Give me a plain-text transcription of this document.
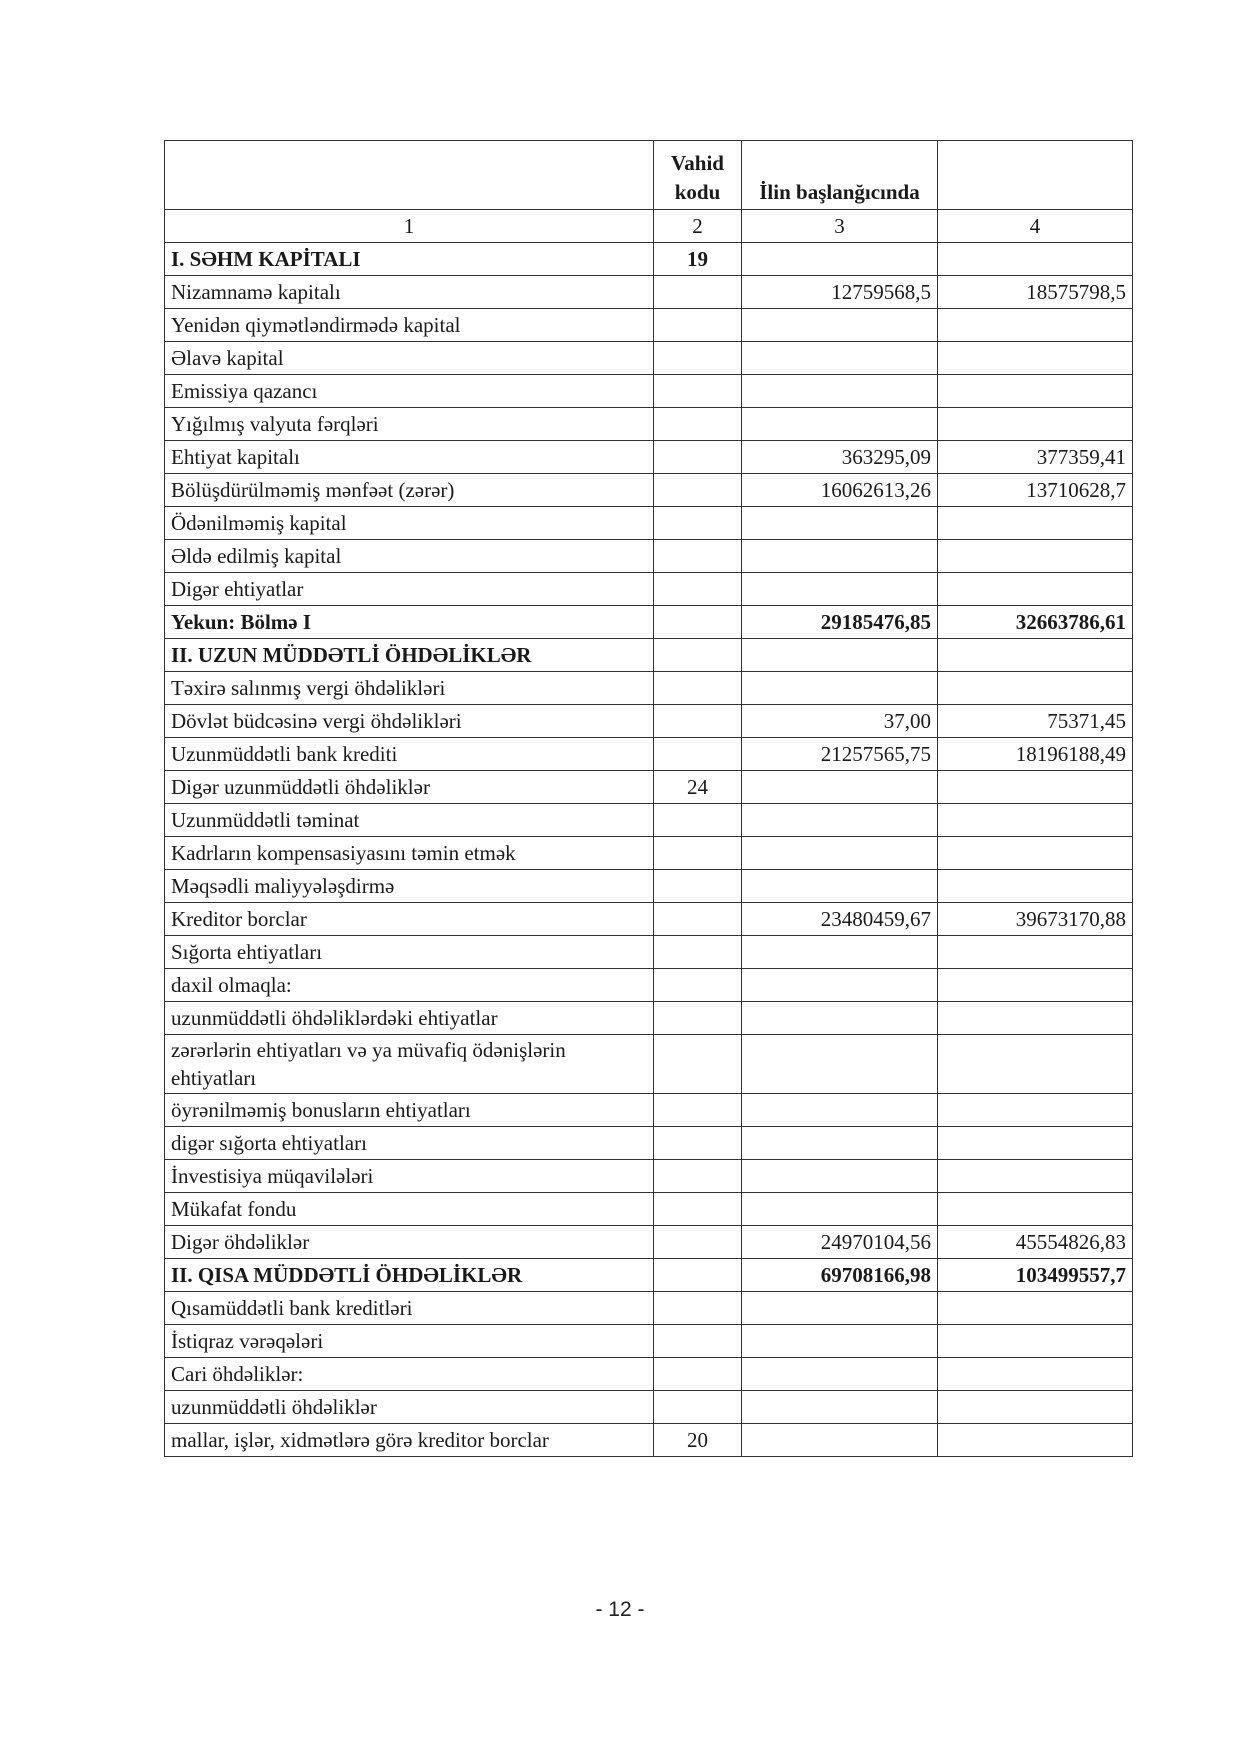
	Vahid kodu	İlin başlanğıcında	
1	2	3	4
I. SƏHM KAPİTALI	19		
Nizamnamə kapitalı		12759568,5	18575798,5
Yenidən qiymətləndirmədə kapital			
Əlavə kapital			
Emissiya qazancı			
Yığılmış valyuta fərqləri			
Ehtiyat kapitalı		363295,09	377359,41
Bölüşdürülməmiş mənfəət (zərər)		16062613,26	13710628,7
Ödənilməmiş kapital			
Əldə edilmiş kapital			
Digər ehtiyatlar			
Yekun: Bölmə I		29185476,85	32663786,61
II. UZUN MÜDDƏTLİ ÖHDƏLİKLƏR			
Təxirə salınmış vergi öhdəlikləri			
Dövlət büdcəsinə vergi öhdəlikləri		37,00	75371,45
Uzunmüddətli bank krediti		21257565,75	18196188,49
Digər uzunmüddətli öhdəliklər	24		
Uzunmüddətli təminat			
Kadrların kompensasiyasını təmin etmək			
Məqsədli maliyyələşdirmə			
Kreditor borclar		23480459,67	39673170,88
Sığorta ehtiyatları			
daxil olmaqla:			
uzunmüddətli öhdəliklərdəki ehtiyatlar			
zərərlərin ehtiyatları və ya müvafiq ödənişlərin ehtiyatları			
öyrənilməmiş bonusların ehtiyatları			
digər sığorta ehtiyatları			
İnvestisiya müqavilələri			
Mükafat fondu			
Digər öhdəliklər		24970104,56	45554826,83
II. QISA MÜDDƏTLİ ÖHDƏLİKLƏR		69708166,98	103499557,7
Qısamüddətli bank kreditləri			
İstiqraz vərəqələri			
Cari öhdəliklər:			
uzunmüddətli öhdəliklər			
mallar, işlər, xidmətlərə görə kreditor borclar	20		
- 12 -
